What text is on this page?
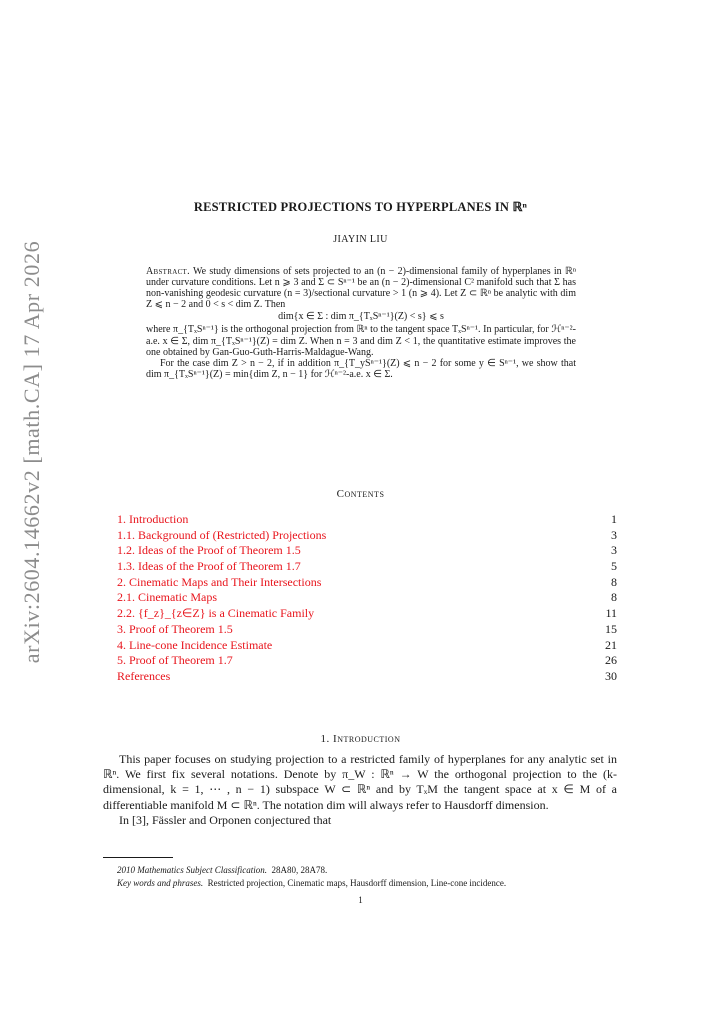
arXiv:2604.14662v2 [math.CA] 17 Apr 2026
RESTRICTED PROJECTIONS TO HYPERPLANES IN ℝⁿ
JIAYIN LIU

Abstract. We study dimensions of sets projected to an (n − 2)-dimensional family of hyperplanes in ℝⁿ under curvature conditions. Let n ⩾ 3 and Σ ⊂ Sⁿ⁻¹ be an (n − 2)-dimensional C² manifold such that Σ has non-vanishing geodesic curvature (n = 3)/sectional curvature > 1 (n ⩾ 4). Let Z ⊂ ℝⁿ be analytic with dim Z ⩽ n − 2 and 0 < s < dim Z. Then

dim{x ∈ Σ : dim π_{TₓSⁿ⁻¹}(Z) < s} ⩽ s

where π_{TₓSⁿ⁻¹} is the orthogonal projection from ℝⁿ to the tangent space TₓSⁿ⁻¹. In particular, for ℋⁿ⁻²-a.e. x ∈ Σ, dim π_{TₓSⁿ⁻¹}(Z) = dim Z. When n = 3 and dim Z < 1, the quantitative estimate improves the one obtained by Gan-Guo-Guth-Harris-Maldague-Wang.

For the case dim Z > n − 2, if in addition π_{T_ySⁿ⁻¹}(Z) ⩽ n − 2 for some y ∈ Sⁿ⁻¹, we show that dim π_{TₓSⁿ⁻¹}(Z) = min{dim Z, n − 1} for ℋⁿ⁻²-a.e. x ∈ Σ.

Contents
1. Introduction	1
1.1. Background of (Restricted) Projections	3
1.2. Ideas of the Proof of Theorem 1.5	3
1.3. Ideas of the Proof of Theorem 1.7	5
2. Cinematic Maps and Their Intersections	8
2.1. Cinematic Maps	8
2.2. {f_z}_{z∈Z} is a Cinematic Family	11
3. Proof of Theorem 1.5	15
4. Line-cone Incidence Estimate	21
5. Proof of Theorem 1.7	26
References	30
1. Introduction

This paper focuses on studying projection to a restricted family of hyperplanes for any analytic set in ℝⁿ. We first fix several notations. Denote by π_W : ℝⁿ → W the orthogonal projection to the (k-dimensional, k = 1, ⋯ , n − 1) subspace W ⊂ ℝⁿ and by TₓM the tangent space at x ∈ M of a differentiable manifold M ⊂ ℝⁿ. The notation dim will always refer to Hausdorff dimension.

In [3], Fässler and Orponen conjectured that

2010 Mathematics Subject Classification. 28A80, 28A78.

Key words and phrases. Restricted projection, Cinematic maps, Hausdorff dimension, Line-cone incidence.

1
